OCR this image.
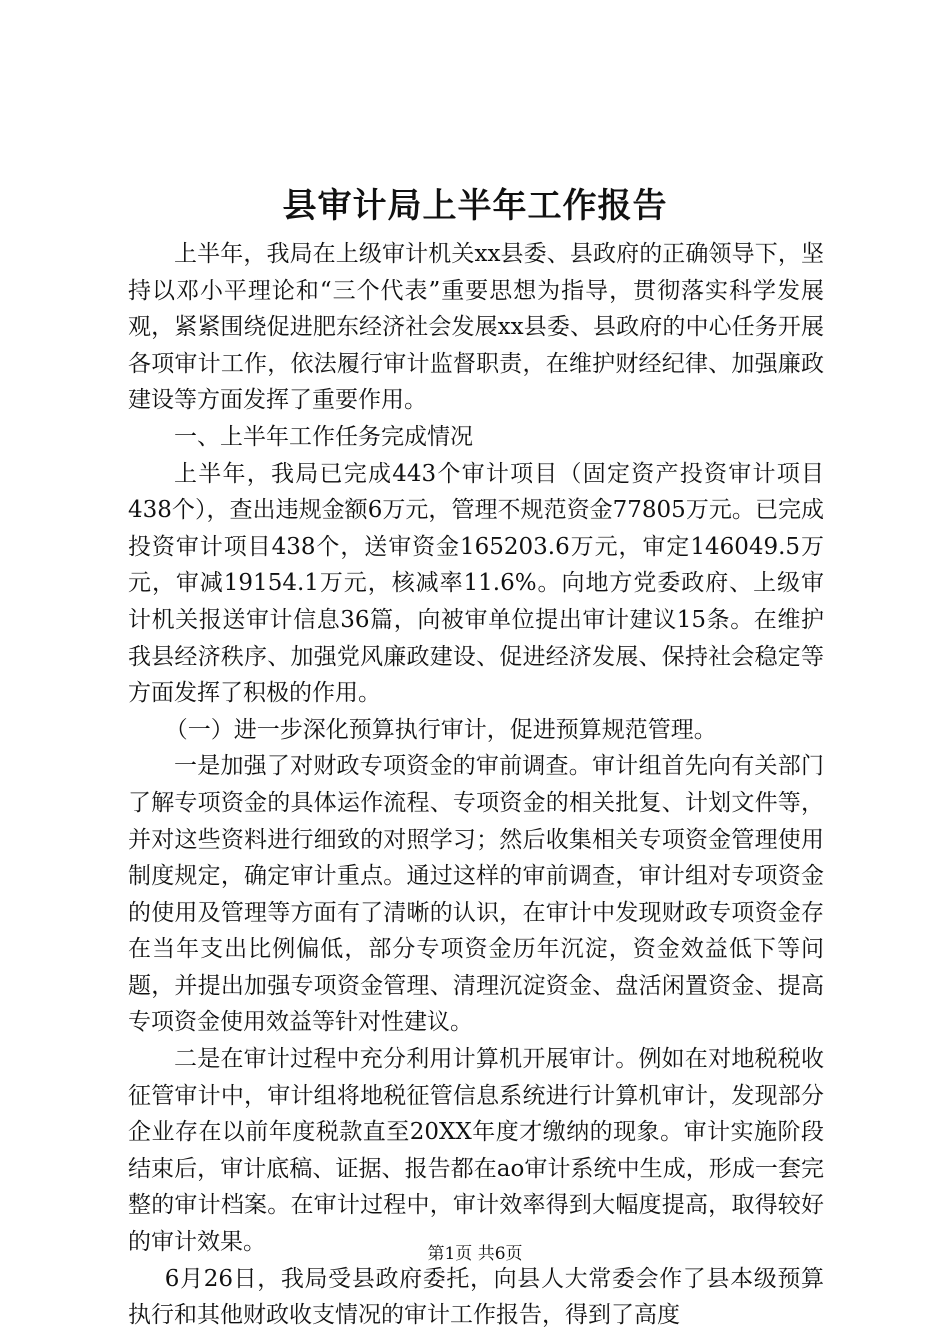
县审计局上半年工作报告

上半年，我局在上级审计机关xx县委、县政府的正确领导下，坚持以邓小平理论和“三个代表”重要思想为指导，贯彻落实科学发展观，紧紧围绕促进肥东经济社会发展xx县委、县政府的中心任务开展各项审计工作，依法履行审计监督职责，在维护财经纪律、加强廉政建设等方面发挥了重要作用。

一、上半年工作任务完成情况

上半年，我局已完成443个审计项目（固定资产投资审计项目438个），查出违规金额6万元，管理不规范资金77805万元。已完成投资审计项目438个，送审资金165203.6万元，审定146049.5万元，审减19154.1万元，核减率11.6%。向地方党委政府、上级审计机关报送审计信息36篇，向被审单位提出审计建议15条。在维护我县经济秩序、加强党风廉政建设、促进经济发展、保持社会稳定等方面发挥了积极的作用。

（一）进一步深化预算执行审计，促进预算规范管理。

一是加强了对财政专项资金的审前调查。审计组首先向有关部门了解专项资金的具体运作流程、专项资金的相关批复、计划文件等，并对这些资料进行细致的对照学习；然后收集相关专项资金管理使用制度规定，确定审计重点。通过这样的审前调查，审计组对专项资金的使用及管理等方面有了清晰的认识，在审计中发现财政专项资金存在当年支出比例偏低，部分专项资金历年沉淀，资金效益低下等问题，并提出加强专项资金管理、清理沉淀资金、盘活闲置资金、提高专项资金使用效益等针对性建议。

二是在审计过程中充分利用计算机开展审计。例如在对地税税收征管审计中，审计组将地税征管信息系统进行计算机审计，发现部分企业存在以前年度税款直至20XX年度才缴纳的现象。审计实施阶段结束后，审计底稿、证据、报告都在ao审计系统中生成，形成一套完整的审计档案。在审计过程中，审计效率得到大幅度提高，取得较好的审计效果。

6月26日，我局受县政府委托，向县人大常委会作了县本级预算执行和其他财政收支情况的审计工作报告，得到了高度

第1页 共6页
